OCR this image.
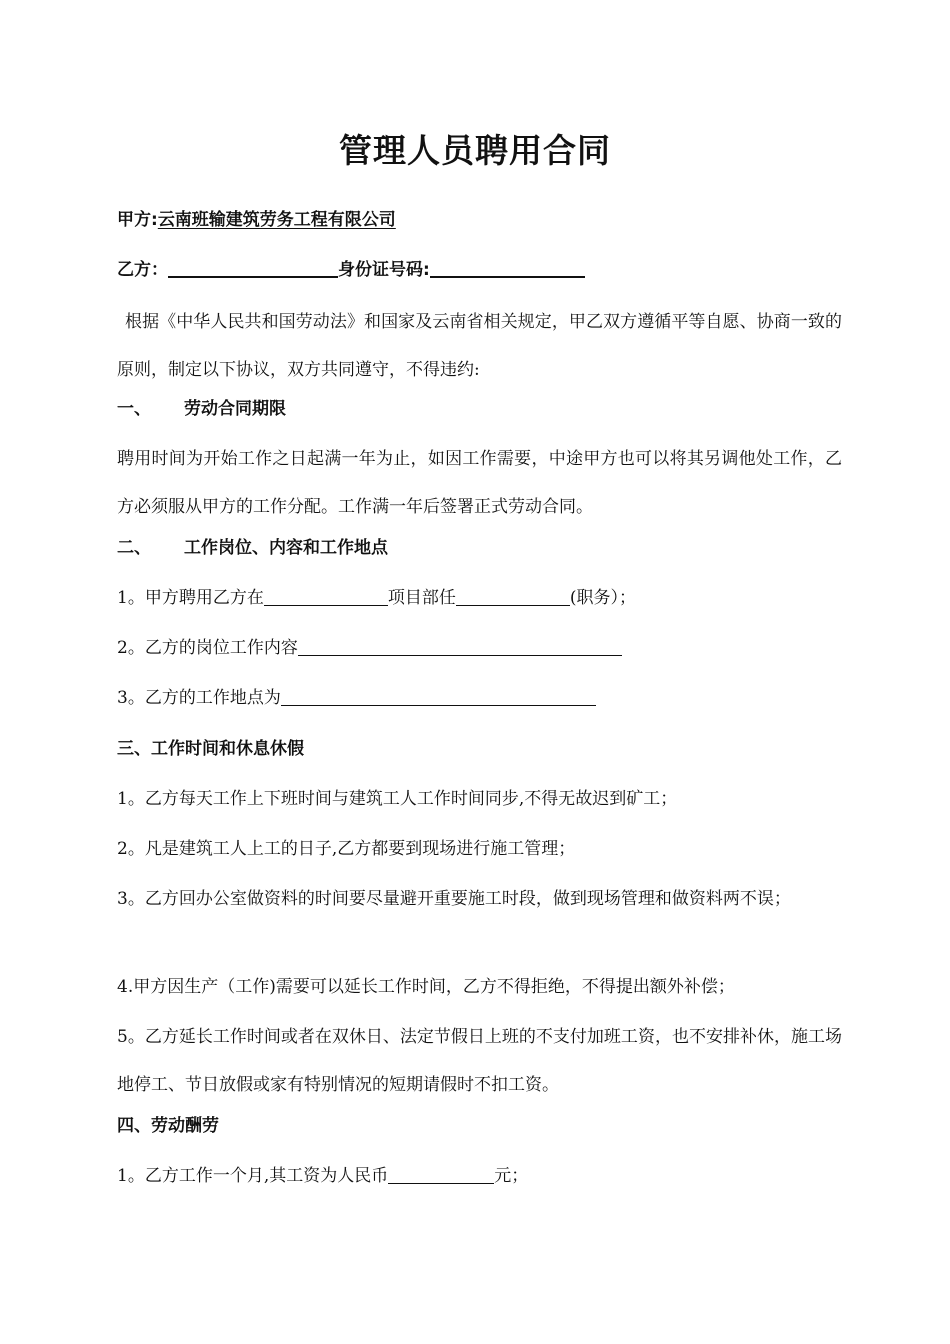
管理人员聘用合同
甲方:云南班输建筑劳务工程有限公司
乙方：	身份证号码:
根据《中华人民共和国劳动法》和国家及云南省相关规定，甲乙双方遵循平等自愿、协商一致的原则，制定以下协议，双方共同遵守，不得违约:
一、 劳动合同期限
聘用时间为开始工作之日起满一年为止，如因工作需要，中途甲方也可以将其另调他处工作，乙方必须服从甲方的工作分配。工作满一年后签署正式劳动合同。
二、 工作岗位、内容和工作地点
1。甲方聘用乙方在	项目部任	(职务）；
2。乙方的岗位工作内容
3。乙方的工作地点为
三、工作时间和休息休假
1。乙方每天工作上下班时间与建筑工人工作时间同步,不得无故迟到矿工；
2。凡是建筑工人上工的日子,乙方都要到现场进行施工管理；
3。乙方回办公室做资料的时间要尽量避开重要施工时段，做到现场管理和做资料两不误；
4.甲方因生产（工作)需要可以延长工作时间，乙方不得拒绝，不得提出额外补偿；
5。乙方延长工作时间或者在双休日、法定节假日上班的不支付加班工资，也不安排补休，施工场地停工、节日放假或家有特别情况的短期请假时不扣工资。
四、劳动酬劳
1。乙方工作一个月,其工资为人民币	元；
